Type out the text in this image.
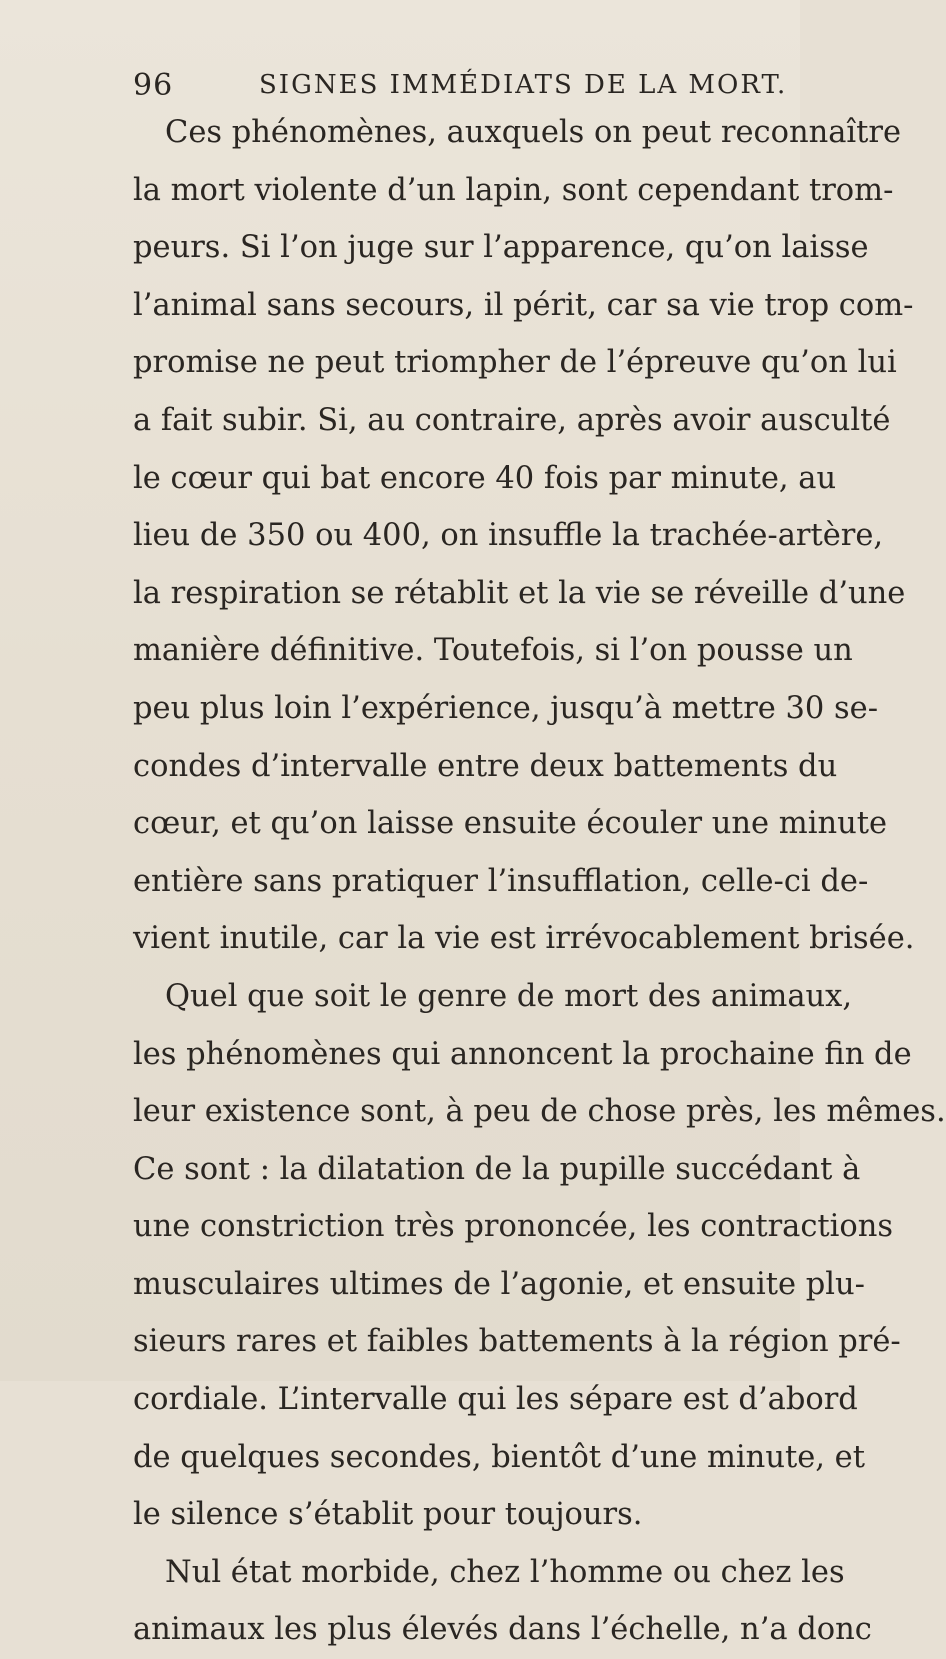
96	SIGNES IMMÉDIATS DE LA MORT.
Ces phénomènes, auxquels on peut reconnaître
la mort violente d’un lapin, sont cependant trom-
peurs. Si l’on juge sur l’apparence, qu’on laisse
l’animal sans secours, il périt, car sa vie trop com-
promise ne peut triompher de l’épreuve qu’on lui
a fait subir. Si, au contraire, après avoir ausculté
le cœur qui bat encore 40 fois par minute, au
lieu de 350 ou 400, on insuffle la trachée-artère,
la respiration se rétablit et la vie se réveille d’une
manière définitive. Toutefois, si l’on pousse un
peu plus loin l’expérience, jusqu’à mettre 30 se-
condes d’intervalle entre deux battements du
cœur, et qu’on laisse ensuite écouler une minute
entière sans pratiquer l’insufflation, celle-ci de-
vient inutile, car la vie est irrévocablement brisée.
Quel que soit le genre de mort des animaux,
les phénomènes qui annoncent la prochaine fin de
leur existence sont, à peu de chose près, les mêmes.
Ce sont : la dilatation de la pupille succédant à
une constriction très prononcée, les contractions
musculaires ultimes de l’agonie, et ensuite plu-
sieurs rares et faibles battements à la région pré-
cordiale. L’intervalle qui les sépare est d’abord
de quelques secondes, bientôt d’une minute, et
le silence s’établit pour toujours.
Nul état morbide, chez l’homme ou chez les
animaux les plus élevés dans l’échelle, n’a donc
